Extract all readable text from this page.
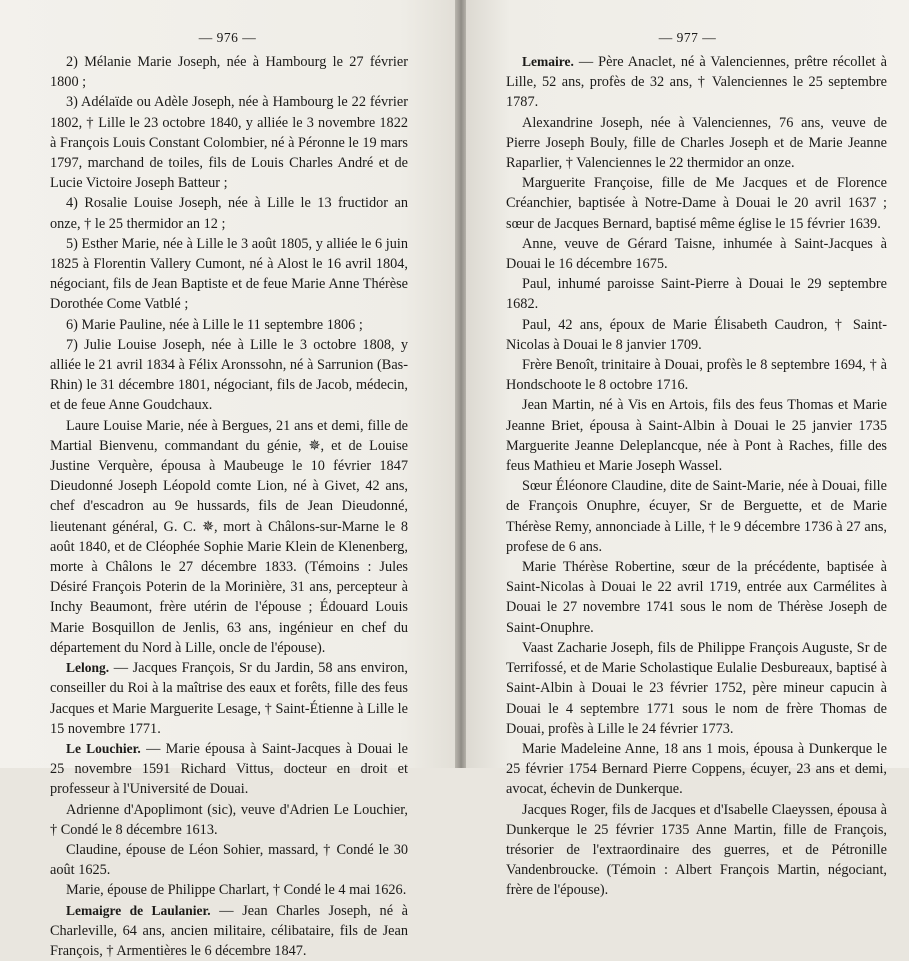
— 976 —

2) Mélanie Marie Joseph, née à Hambourg le 27 février 1800 ;

3) Adélaïde ou Adèle Joseph, née à Hambourg le 22 février 1802, † Lille le 23 octobre 1840, y alliée le 3 novembre 1822 à François Louis Constant Colombier, né à Péronne le 19 mars 1797, marchand de toiles, fils de Louis Charles André et de Lucie Victoire Joseph Batteur ;

4) Rosalie Louise Joseph, née à Lille le 13 fructidor an onze, † le 25 thermidor an 12 ;

5) Esther Marie, née à Lille le 3 août 1805, y alliée le 6 juin 1825 à Florentin Vallery Cumont, né à Alost le 16 avril 1804, négociant, fils de Jean Baptiste et de feue Marie Anne Thérèse Dorothée Come Vatblé ;

6) Marie Pauline, née à Lille le 11 septembre 1806 ;

7) Julie Louise Joseph, née à Lille le 3 octobre 1808, y alliée le 21 avril 1834 à Félix Aronssohn, né à Sarrunion (Bas-Rhin) le 31 décembre 1801, négociant, fils de Jacob, médecin, et de feue Anne Goudchaux.

Laure Louise Marie, née à Bergues, 21 ans et demi, fille de Martial Bienvenu, commandant du génie, ✵, et de Louise Justine Verquère, épousa à Maubeuge le 10 février 1847 Dieudonné Joseph Léopold comte Lion, né à Givet, 42 ans, chef d'escadron au 9e hussards, fils de Jean Dieudonné, lieutenant général, G. C. ✵, mort à Châlons-sur-Marne le 8 août 1840, et de Cléophée Sophie Marie Klein de Klenenberg, morte à Châlons le 27 décembre 1833. (Témoins : Jules Désiré François Poterin de la Morinière, 31 ans, percepteur à Inchy Beaumont, frère utérin de l'épouse ; Édouard Louis Marie Bosquillon de Jenlis, 63 ans, ingénieur en chef du département du Nord à Lille, oncle de l'épouse).

Lelong. — Jacques François, Sr du Jardin, 58 ans environ, conseiller du Roi à la maîtrise des eaux et forêts, fille des feus Jacques et Marie Marguerite Lesage, † Saint-Étienne à Lille le 15 novembre 1771.

Le Louchier. — Marie épousa à Saint-Jacques à Douai le 25 novembre 1591 Richard Vittus, docteur en droit et professeur à l'Université de Douai.

Adrienne d'Apoplimont (sic), veuve d'Adrien Le Louchier, † Condé le 8 décembre 1613.

Claudine, épouse de Léon Sohier, massard, † Condé le 30 août 1625.

Marie, épouse de Philippe Charlart, † Condé le 4 mai 1626.

Lemaigre de Laulanier. — Jean Charles Joseph, né à Charleville, 64 ans, ancien militaire, célibataire, fils de Jean François, † Armentières le 6 décembre 1847.

— 977 —

Lemaire. — Père Anaclet, né à Valenciennes, prêtre récollet à Lille, 52 ans, profès de 32 ans, † Valenciennes le 25 septembre 1787.

Alexandrine Joseph, née à Valenciennes, 76 ans, veuve de Pierre Joseph Bouly, fille de Charles Joseph et de Marie Jeanne Raparlier, † Valenciennes le 22 thermidor an onze.

Marguerite Françoise, fille de Me Jacques et de Florence Créanchier, baptisée à Notre-Dame à Douai le 20 avril 1637 ; sœur de Jacques Bernard, baptisé même église le 15 février 1639.

Anne, veuve de Gérard Taisne, inhumée à Saint-Jacques à Douai le 16 décembre 1675.

Paul, inhumé paroisse Saint-Pierre à Douai le 29 septembre 1682.

Paul, 42 ans, époux de Marie Élisabeth Caudron, † Saint-Nicolas à Douai le 8 janvier 1709.

Frère Benoît, trinitaire à Douai, profès le 8 septembre 1694, † à Hondschoote le 8 octobre 1716.

Jean Martin, né à Vis en Artois, fils des feus Thomas et Marie Jeanne Briet, épousa à Saint-Albin à Douai le 25 janvier 1735 Marguerite Jeanne Deleplancque, née à Pont à Raches, fille des feus Mathieu et Marie Joseph Wassel.

Sœur Éléonore Claudine, dite de Saint-Marie, née à Douai, fille de François Onuphre, écuyer, Sr de Berguette, et de Marie Thérèse Remy, annonciade à Lille, † le 9 décembre 1736 à 27 ans, profese de 6 ans.

Marie Thérèse Robertine, sœur de la précédente, baptisée à Saint-Nicolas à Douai le 22 avril 1719, entrée aux Carmélites à Douai le 27 novembre 1741 sous le nom de Thérèse Joseph de Saint-Onuphre.

Vaast Zacharie Joseph, fils de Philippe François Auguste, Sr de Terrifossé, et de Marie Scholastique Eulalie Desbureaux, baptisé à Saint-Albin à Douai le 23 février 1752, père mineur capucin à Douai le 4 septembre 1771 sous le nom de frère Thomas de Douai, profès à Lille le 24 février 1773.

Marie Madeleine Anne, 18 ans 1 mois, épousa à Dunkerque le 25 février 1754 Bernard Pierre Coppens, écuyer, 23 ans et demi, avocat, échevin de Dunkerque.

Jacques Roger, fils de Jacques et d'Isabelle Claeyssen, épousa à Dunkerque le 25 février 1735 Anne Martin, fille de François, trésorier de l'extraordinaire des guerres, et de Pétronille Vandenbroucke. (Témoin : Albert François Martin, négociant, frère de l'épouse).
